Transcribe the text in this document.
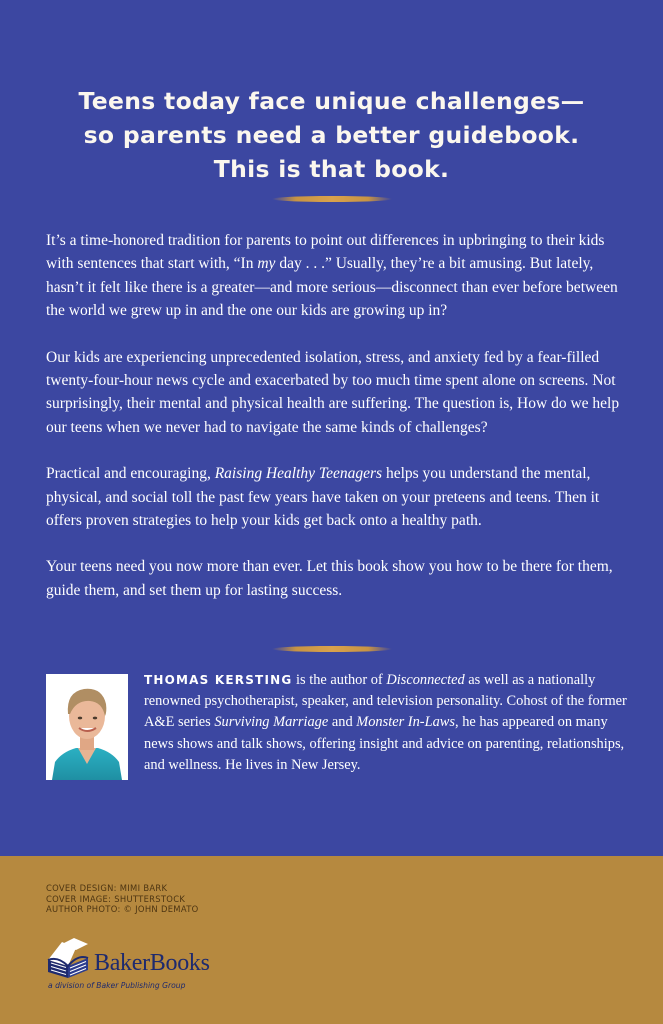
Teens today face unique challenges—
so parents need a better guidebook.
This is that book.

It’s a time-honored tradition for parents to point out differences in upbringing to their kids with sentences that start with, “In my day . . .” Usually, they’re a bit amusing. But lately, hasn’t it felt like there is a greater—and more serious—disconnect than ever before between the world we grew up in and the one our kids are growing up in?

Our kids are experiencing unprecedented isolation, stress, and anxiety fed by a fear-filled twenty-four-hour news cycle and exacerbated by too much time spent alone on screens. Not surprisingly, their mental and physical health are suffering. The question is, How do we help our teens when we never had to navigate the same kinds of challenges?

Practical and encouraging, Raising Healthy Teenagers helps you understand the mental, physical, and social toll the past few years have taken on your preteens and teens. Then it offers proven strategies to help your kids get back onto a healthy path.

Your teens need you now more than ever. Let this book show you how to be there for them, guide them, and set them up for lasting success.

THOMAS KERSTING is the author of Disconnected as well as a nationally renowned psychotherapist, speaker, and television personality. Cohost of the former A&E series Surviving Marriage and Monster In-Laws, he has appeared on many news shows and talk shows, offering insight and advice on parenting, relationships, and wellness. He lives in New Jersey.
COVER DESIGN: MIMI BARK
COVER IMAGE: SHUTTERSTOCK
AUTHOR PHOTO: © JOHN DEMATO
BakerBooks
a division of Baker Publishing Group
